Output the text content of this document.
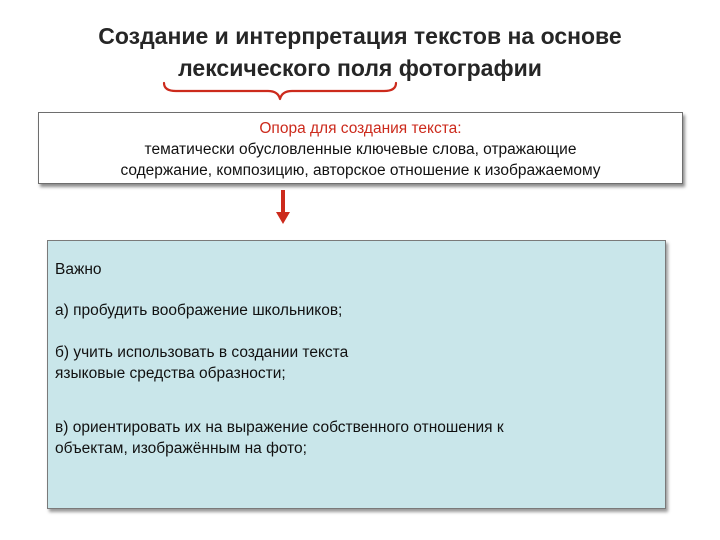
Создание и интерпретация текстов на основе
лексического поля фотографии
Опора для создания текста:
тематически обусловленные ключевые слова, отражающие
содержание, композицию, авторское отношение к изображаемому

Важно

а) пробудить воображение школьников;
б) учить использовать в создании текста
языковые средства образности;
в) ориентировать их на выражение собственного отношения к
объектам, изображённым на фото;
